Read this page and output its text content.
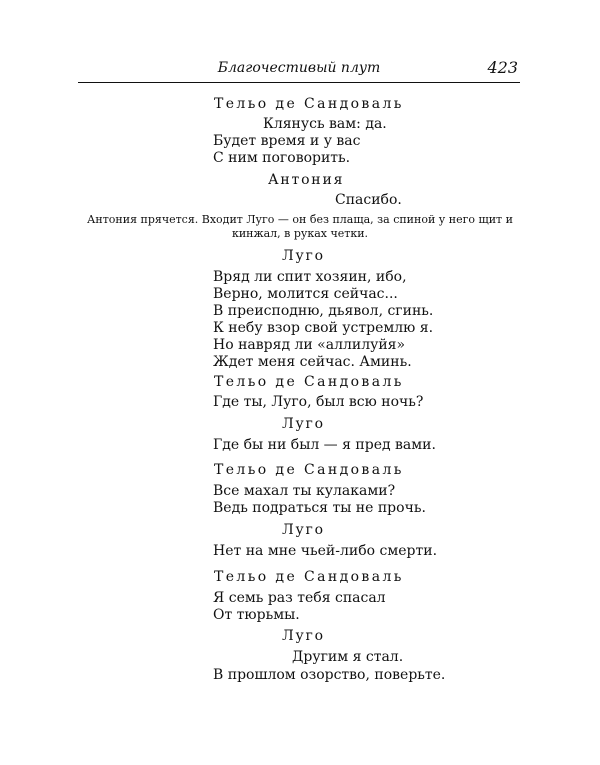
Благочестивый плут	423
Тельо де Сандоваль
Клянусь вам: да.
Будет время и у вас
С ним поговорить.
Антония
Спасибо.
Антония прячется. Входит Луго — он без плаща, за спиной у него щит и кинжал, в руках четки.
Луго
Вряд ли спит хозяин, ибо,
Верно, молится сейчас...
В преисподню, дьявол, сгинь.
К небу взор свой устремлю я.
Но навряд ли «аллилуйя»
Ждет меня сейчас. Аминь.
Тельо де Сандоваль
Где ты, Луго, был всю ночь?
Луго
Где бы ни был — я пред вами.
Тельо де Сандоваль
Все махал ты кулаками?
Ведь подраться ты не прочь.
Луго
Нет на мне чьей-либо смерти.
Тельо де Сандоваль
Я семь раз тебя спасал
От тюрьмы.
Луго
Другим я стал.
В прошлом озорство, поверьте.
